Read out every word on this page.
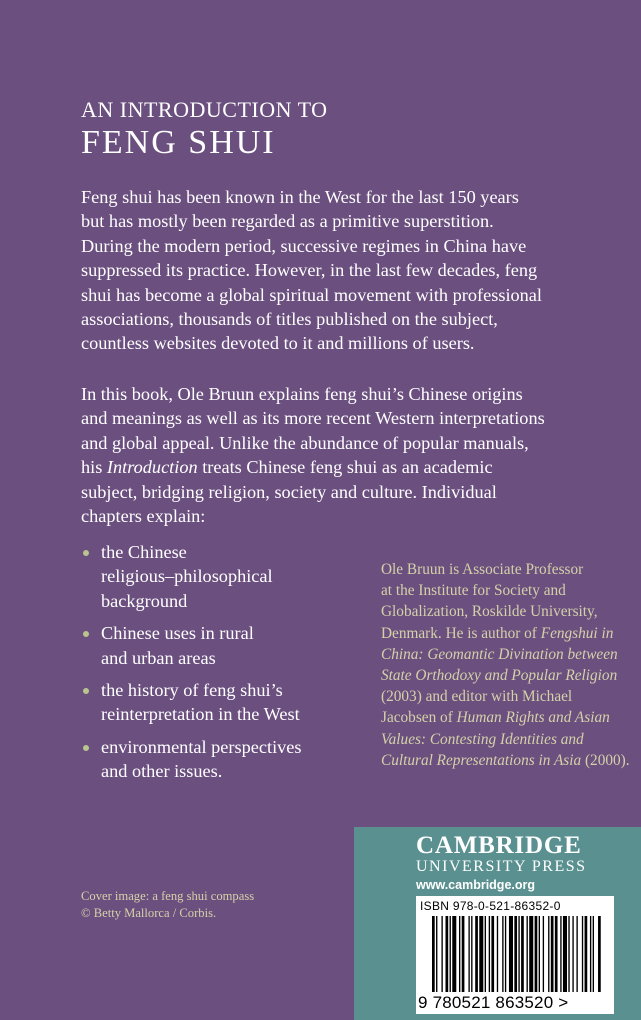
AN INTRODUCTION TO
FENG SHUI
Feng shui has been known in the West for the last 150 years
but has mostly been regarded as a primitive superstition.
During the modern period, successive regimes in China have
suppressed its practice. However, in the last few decades, feng
shui has become a global spiritual movement with professional
associations, thousands of titles published on the subject,
countless websites devoted to it and millions of users.
In this book, Ole Bruun explains feng shui’s Chinese origins
and meanings as well as its more recent Western interpretations
and global appeal. Unlike the abundance of popular manuals,
his Introduction treats Chinese feng shui as an academic
subject, bridging religion, society and culture. Individual
chapters explain:
the Chinese
religious–philosophical
background
Chinese uses in rural
and urban areas
the history of feng shui’s
reinterpretation in the West
environmental perspectives
and other issues.
Ole Bruun is Associate Professor
at the Institute for Society and
Globalization, Roskilde University,
Denmark. He is author of Fengshui in
China: Geomantic Divination between
State Orthodoxy and Popular Religion
(2003) and editor with Michael
Jacobsen of Human Rights and Asian
Values: Contesting Identities and
Cultural Representations in Asia (2000).
Cover image: a feng shui compass
© Betty Mallorca / Corbis.
CAMBRIDGE
UNIVERSITY PRESS
www.cambridge.org
ISBN 978-0-521-86352-0
9 780521 863520 >
